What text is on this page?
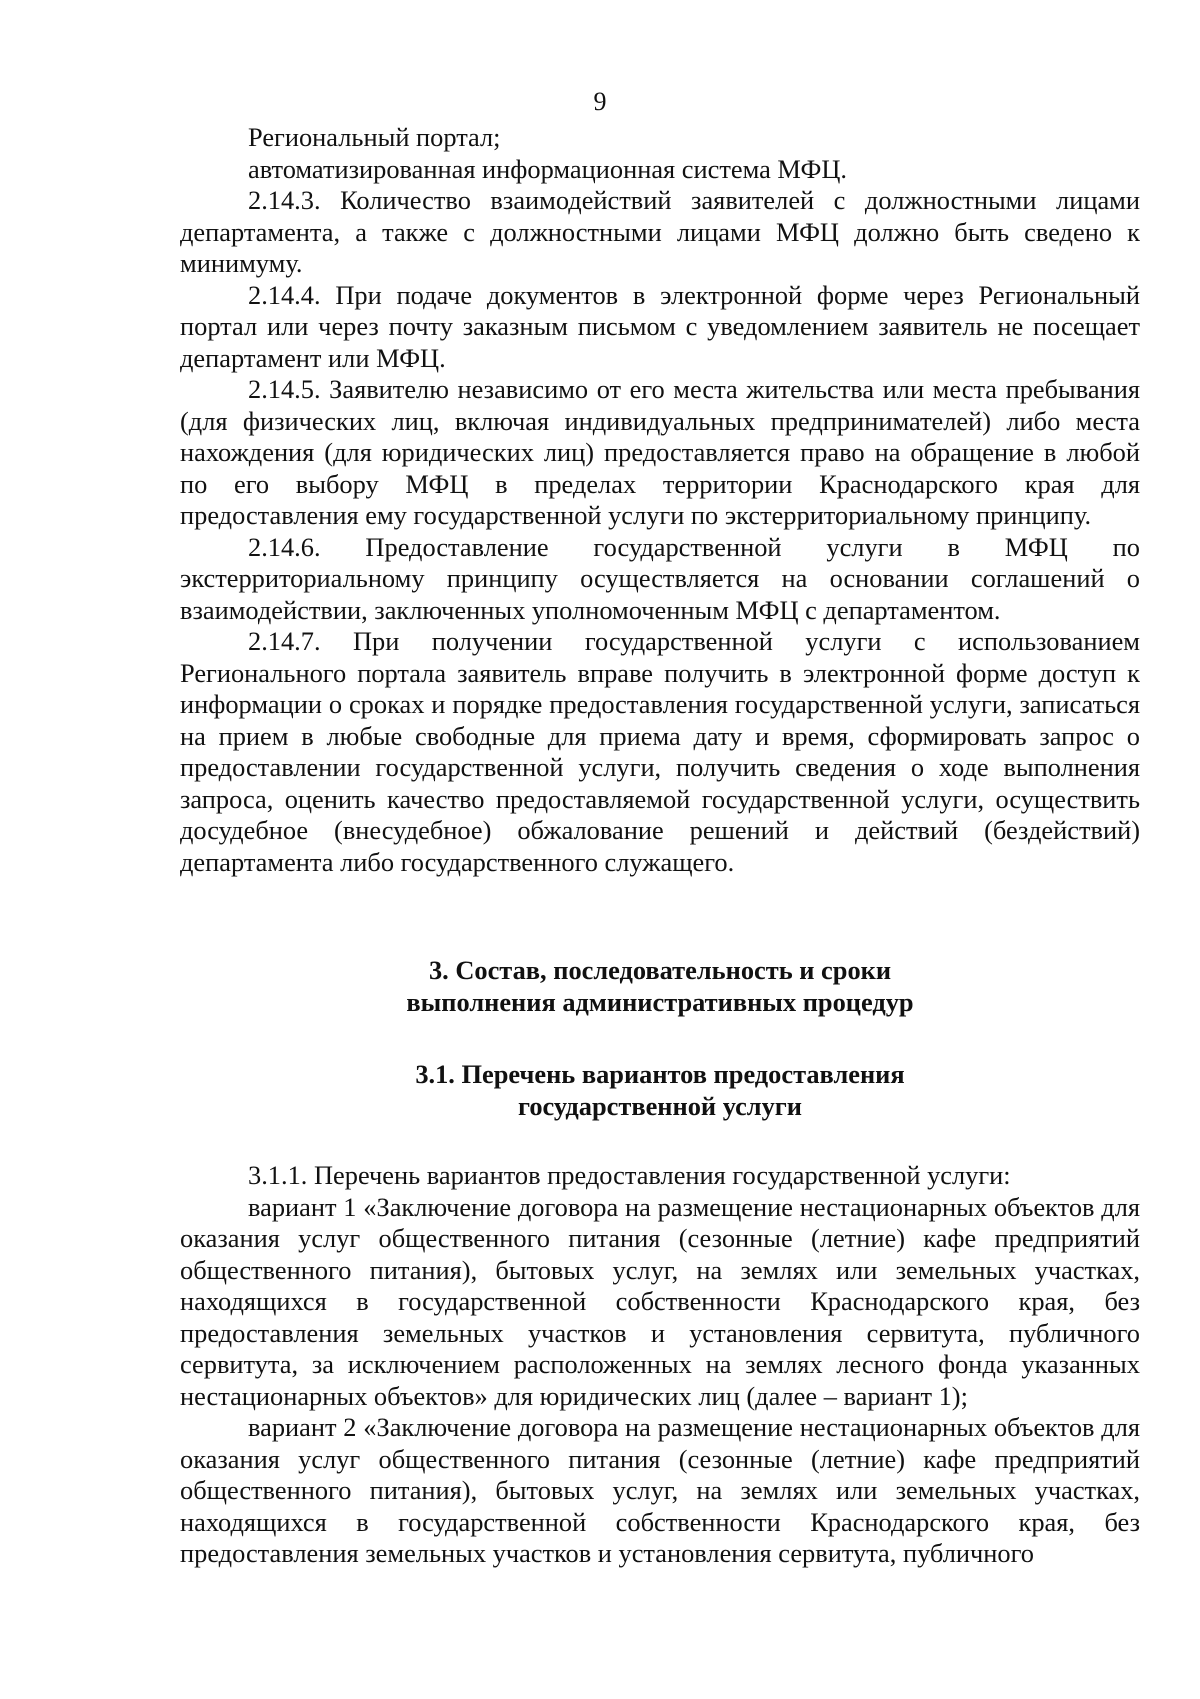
9

Региональный портал;

автоматизированная информационная система МФЦ.

2.14.3. Количество взаимодействий заявителей с должностными лицами департамента, а также с должностными лицами МФЦ должно быть сведено к минимуму.

2.14.4. При подаче документов в электронной форме через Региональный портал или через почту заказным письмом с уведомлением заявитель не посещает департамент или МФЦ.

2.14.5. Заявителю независимо от его места жительства или места пребывания (для физических лиц, включая индивидуальных предпринимателей) либо места нахождения (для юридических лиц) предоставляется право на обращение в любой по его выбору МФЦ в пределах территории Краснодарского края для предоставления ему государственной услуги по экстерриториальному принципу.

2.14.6. Предоставление государственной услуги в МФЦ по экстерриториальному принципу осуществляется на основании соглашений о взаимодействии, заключенных уполномоченным МФЦ с департаментом.

2.14.7. При получении государственной услуги с использованием Регионального портала заявитель вправе получить в электронной форме доступ к информации о сроках и порядке предоставления государственной услуги, записаться на прием в любые свободные для приема дату и время, сформировать запрос о предоставлении государственной услуги, получить сведения о ходе выполнения запроса, оценить качество предоставляемой государственной услуги, осуществить досудебное (внесудебное) обжалование решений и действий (бездействий) департамента либо государственного служащего.

3. Состав, последовательность и сроки
выполнения административных процедур
3.1. Перечень вариантов предоставления
государственной услуги

3.1.1. Перечень вариантов предоставления государственной услуги:

вариант 1 «Заключение договора на размещение нестационарных объектов для оказания услуг общественного питания (сезонные (летние) кафе предприятий общественного питания), бытовых услуг, на землях или земельных участках, находящихся в государственной собственности Краснодарского края, без предоставления земельных участков и установления сервитута, публичного сервитута, за исключением расположенных на землях лесного фонда указанных нестационарных объектов» для юридических лиц (далее – вариант 1);

вариант 2 «Заключение договора на размещение нестационарных объектов для оказания услуг общественного питания (сезонные (летние) кафе предприятий общественного питания), бытовых услуг, на землях или земельных участках, находящихся в государственной собственности Краснодарского края, без предоставления земельных участков и установления сервитута, публичного
